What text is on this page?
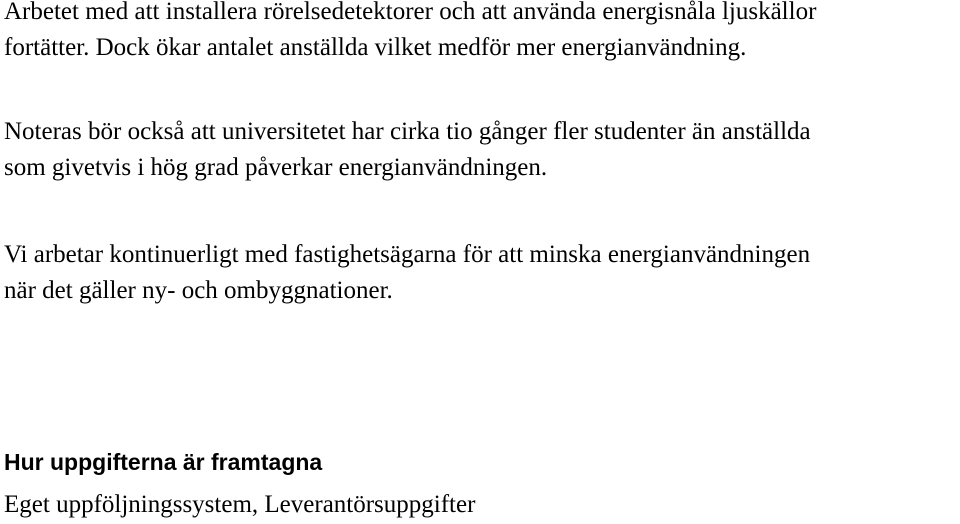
Arbetet med att installera rörelsedetektorer och att använda energisnåla ljuskällor
fortätter. Dock ökar antalet anställda vilket medför mer energianvändning.

Noteras bör också att universitetet har cirka tio gånger fler studenter än anställda
som givetvis i hög grad påverkar energianvändningen.

Vi arbetar kontinuerligt med fastighetsägarna för att minska energianvändningen
när det gäller ny- och ombyggnationer.

Hur uppgifterna är framtagna

Eget uppföljningssystem, Leverantörsuppgifter
